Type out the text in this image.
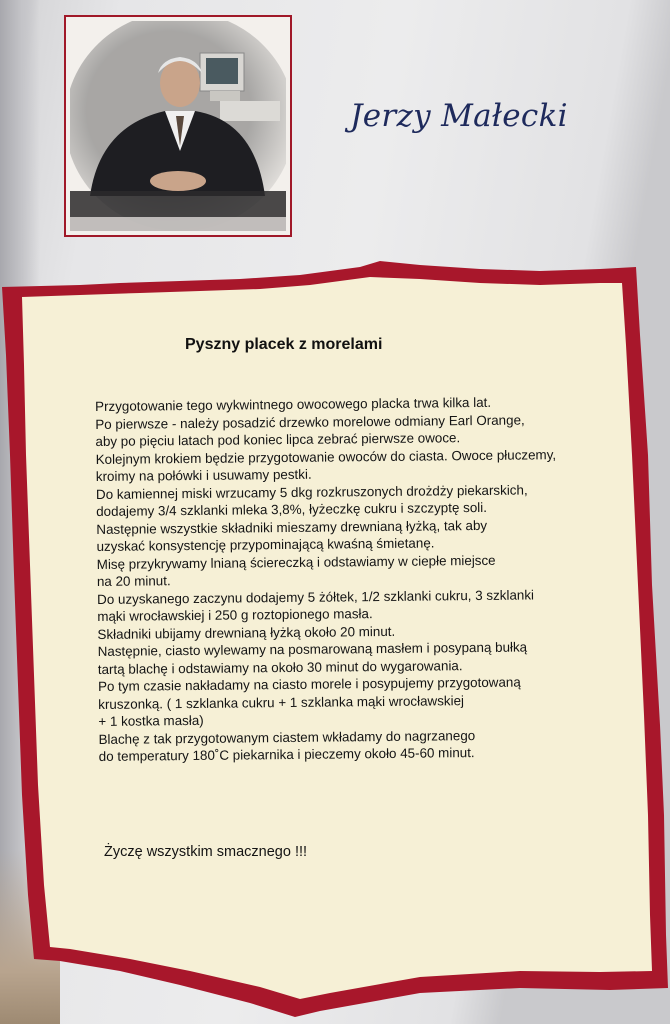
Jerzy Małecki
Pyszny placek z morelami
Przygotowanie tego wykwintnego owocowego placka trwa kilka lat.
Po pierwsze - należy posadzić drzewko morelowe odmiany Earl Orange,
aby po pięciu latach pod koniec lipca zebrać pierwsze owoce.
Kolejnym krokiem będzie przygotowanie owoców do ciasta. Owoce płuczemy,
kroimy na połówki i usuwamy pestki.
Do kamiennej miski wrzucamy 5 dkg rozkruszonych drożdży piekarskich,
dodajemy 3/4 szklanki mleka 3,8%, łyżeczkę cukru i szczyptę soli.
Następnie wszystkie składniki mieszamy drewnianą łyżką, tak aby
uzyskać konsystencję przypominającą kwaśną śmietanę.
Misę przykrywamy lnianą ściereczką i odstawiamy w ciepłe miejsce
na 20 minut.
Do uzyskanego zaczynu dodajemy 5 żółtek, 1/2 szklanki cukru, 3 szklanki
mąki wrocławskiej i 250 g roztopionego masła.
Składniki ubijamy drewnianą łyżką około 20 minut.
Następnie, ciasto wylewamy na posmarowaną masłem i posypaną bułką
tartą blachę i odstawiamy na około 30 minut do wygarowania.
Po tym czasie nakładamy na ciasto morele i posypujemy przygotowaną
kruszonką. ( 1 szklanka cukru + 1 szklanka mąki wrocławskiej
+ 1 kostka masła)
Blachę z tak przygotowanym ciastem wkładamy do nagrzanego
do temperatury 180˚C piekarnika i pieczemy około 45-60 minut.
Życzę wszystkim smacznego !!!
